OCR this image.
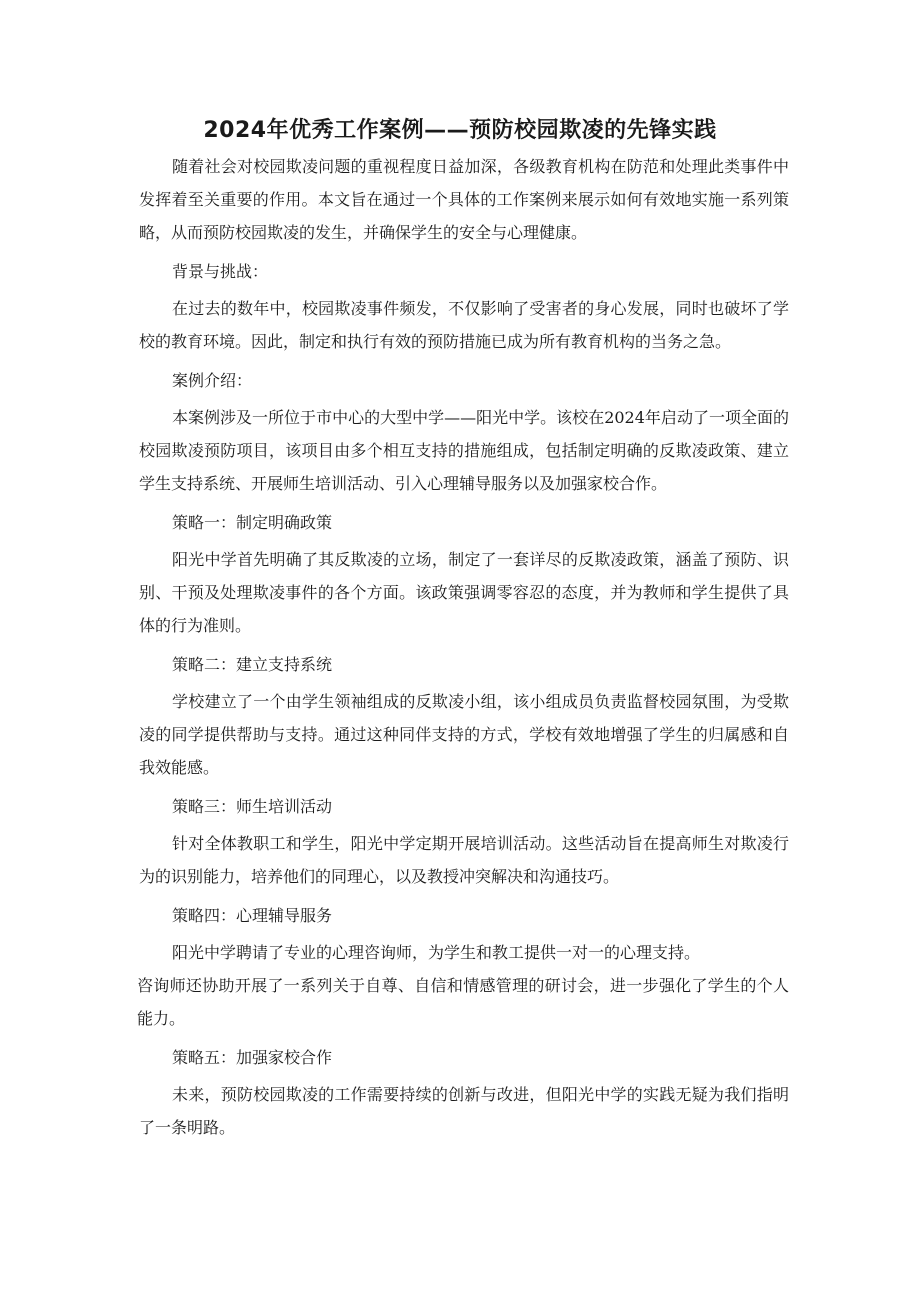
2024年优秀工作案例——预防校园欺凌的先锋实践

随着社会对校园欺凌问题的重视程度日益加深，各级教育机构在防范和处理此类事件中发挥着至关重要的作用。本文旨在通过一个具体的工作案例来展示如何有效地实施一系列策略，从而预防校园欺凌的发生，并确保学生的安全与心理健康。

背景与挑战：

在过去的数年中，校园欺凌事件频发，不仅影响了受害者的身心发展，同时也破坏了学校的教育环境。因此，制定和执行有效的预防措施已成为所有教育机构的当务之急。

案例介绍：

本案例涉及一所位于市中心的大型中学——阳光中学。该校在2024年启动了一项全面的校园欺凌预防项目，该项目由多个相互支持的措施组成，包括制定明确的反欺凌政策、建立学生支持系统、开展师生培训活动、引入心理辅导服务以及加强家校合作。

策略一：制定明确政策

阳光中学首先明确了其反欺凌的立场，制定了一套详尽的反欺凌政策，涵盖了预防、识别、干预及处理欺凌事件的各个方面。该政策强调零容忍的态度，并为教师和学生提供了具体的行为准则。

策略二：建立支持系统

学校建立了一个由学生领袖组成的反欺凌小组，该小组成员负责监督校园氛围，为受欺凌的同学提供帮助与支持。通过这种同伴支持的方式，学校有效地增强了学生的归属感和自我效能感。

策略三：师生培训活动

针对全体教职工和学生，阳光中学定期开展培训活动。这些活动旨在提高师生对欺凌行为的识别能力，培养他们的同理心，以及教授冲突解决和沟通技巧。

策略四：心理辅导服务

阳光中学聘请了专业的心理咨询师，为学生和教工提供一对一的心理支持。

咨询师还协助开展了一系列关于自尊、自信和情感管理的研讨会，进一步强化了学生的个人能力。

策略五：加强家校合作

未来，预防校园欺凌的工作需要持续的创新与改进，但阳光中学的实践无疑为我们指明了一条明路。
